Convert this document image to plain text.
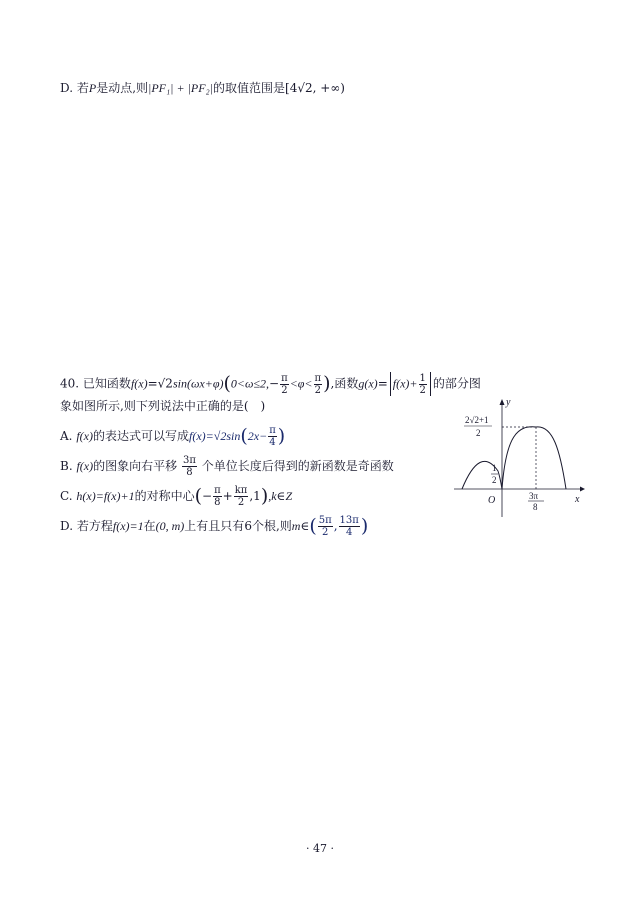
D. 若P是动点,则|PF₁| + |PF₂|的取值范围是[4√2, +∞)
40. 已知函数$f(x)=√2\sin(\omega x+\varphi)(0<\omega\le 2,- \frac{\pi}{2} <\varphi< \frac{\pi}{2}$ ),函数$g(x)= f(x)+ \frac{1}{2}$ 的部分图
象如图所示,则下列说法中正确的是(　)
A. f(x)的表达式可以写成$f(x)=√2\sin(2x- \frac{\pi}{4}$ )
B. f(x)的图象向右平移 $\frac{3\pi}{8}$ 个单位长度后得到的新函数是奇函数
C. h(x)=f(x)+1的对称中心(− $\frac{\pi}{8} + \frac{k\pi}{2}$ ,1),k∈Z
D. 若方程f(x)=1在(0, m)上有且只有6个根,则m∈( $\frac{5\pi}{2}$ , $\frac{13\pi}{4}$ )
x
y
O
2√2+1
2
1
2
3π
8
· 47 ·
